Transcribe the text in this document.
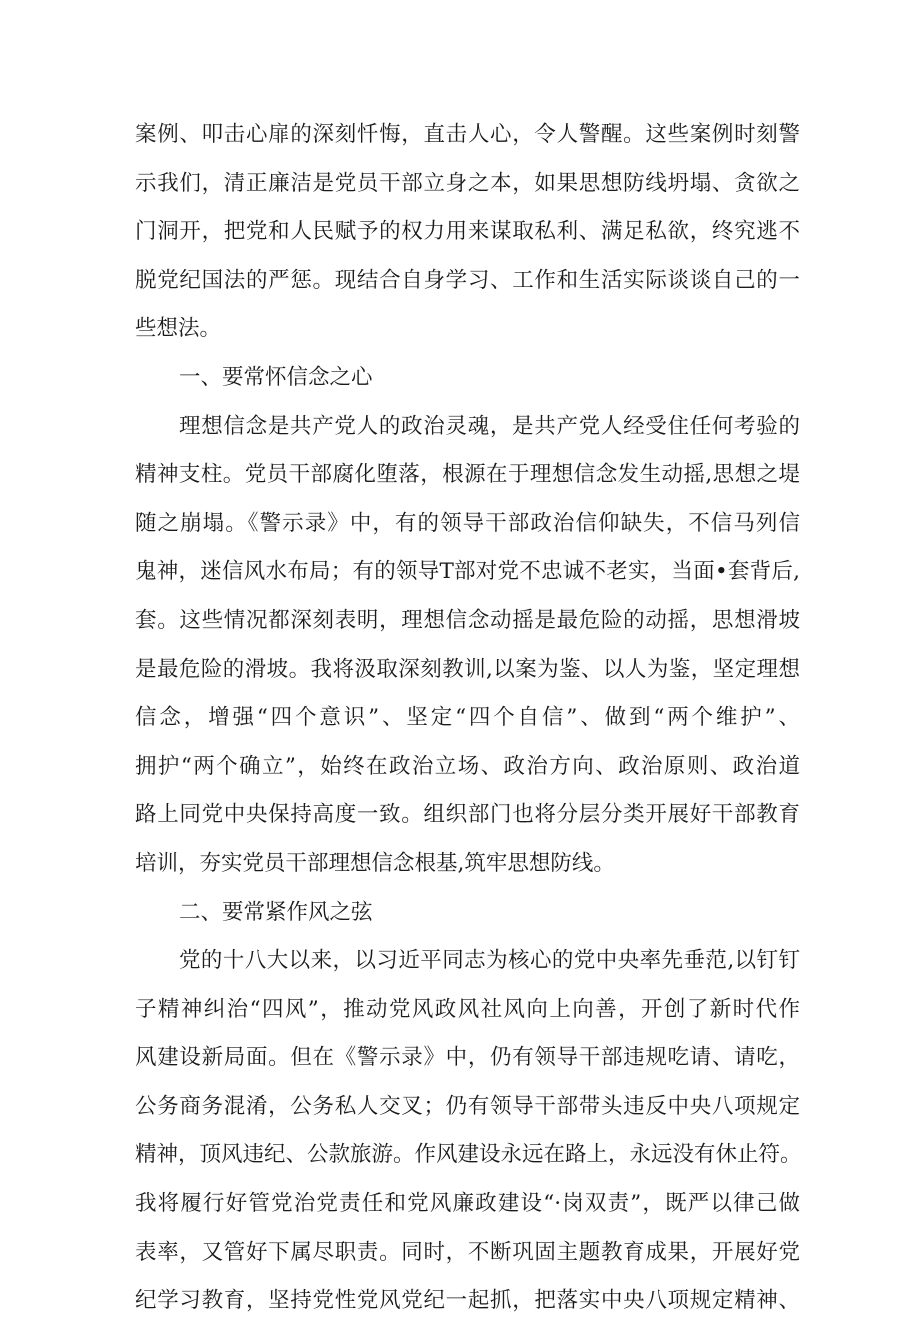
案例、叩击心扉的深刻忏悔，直击人心，令人警醒。这些案例时刻警
示我们，清正廉洁是党员干部立身之本，如果思想防线坍塌、贪欲之
门洞开，把党和人民赋予的权力用来谋取私利、满足私欲，终究逃不
脱党纪国法的严惩。现结合自身学习、工作和生活实际谈谈自己的一
些想法。
一、要常怀信念之心
理想信念是共产党人的政治灵魂，是共产党人经受住任何考验的
精神支柱。党员干部腐化堕落，根源在于理想信念发生动摇,思想之堤
随之崩塌。《警示录》中，有的领导干部政治信仰缺失，不信马列信
鬼神，迷信风水布局；有的领导T部对党不忠诚不老实，当面•套背后,
套。这些情况都深刻表明，理想信念动摇是最危险的动摇，思想滑坡
是最危险的滑坡。我将汲取深刻教训,以案为鉴、以人为鉴，坚定理想
信念，增强“四个意识”、坚定“四个自信”、做到“两个维护”、
拥护“两个确立”，始终在政治立场、政治方向、政治原则、政治道
路上同党中央保持高度一致。组织部门也将分层分类开展好干部教育
培训，夯实党员干部理想信念根基,筑牢思想防线。
二、要常紧作风之弦
党的十八大以来，以习近平同志为核心的党中央率先垂范,以钉钉
子精神纠治“四风”，推动党风政风社风向上向善，开创了新时代作
风建设新局面。但在《警示录》中，仍有领导干部违规吃请、请吃，
公务商务混淆，公务私人交叉；仍有领导干部带头违反中央八项规定
精神，顶风违纪、公款旅游。作风建设永远在路上，永远没有休止符。
我将履行好管党治党责任和党风廉政建设“·岗双责”，既严以律己做
表率，又管好下属尽职责。同时，不断巩固主题教育成果，开展好党
纪学习教育，坚持党性党风党纪一起抓，把落实中央八项规定精神、
